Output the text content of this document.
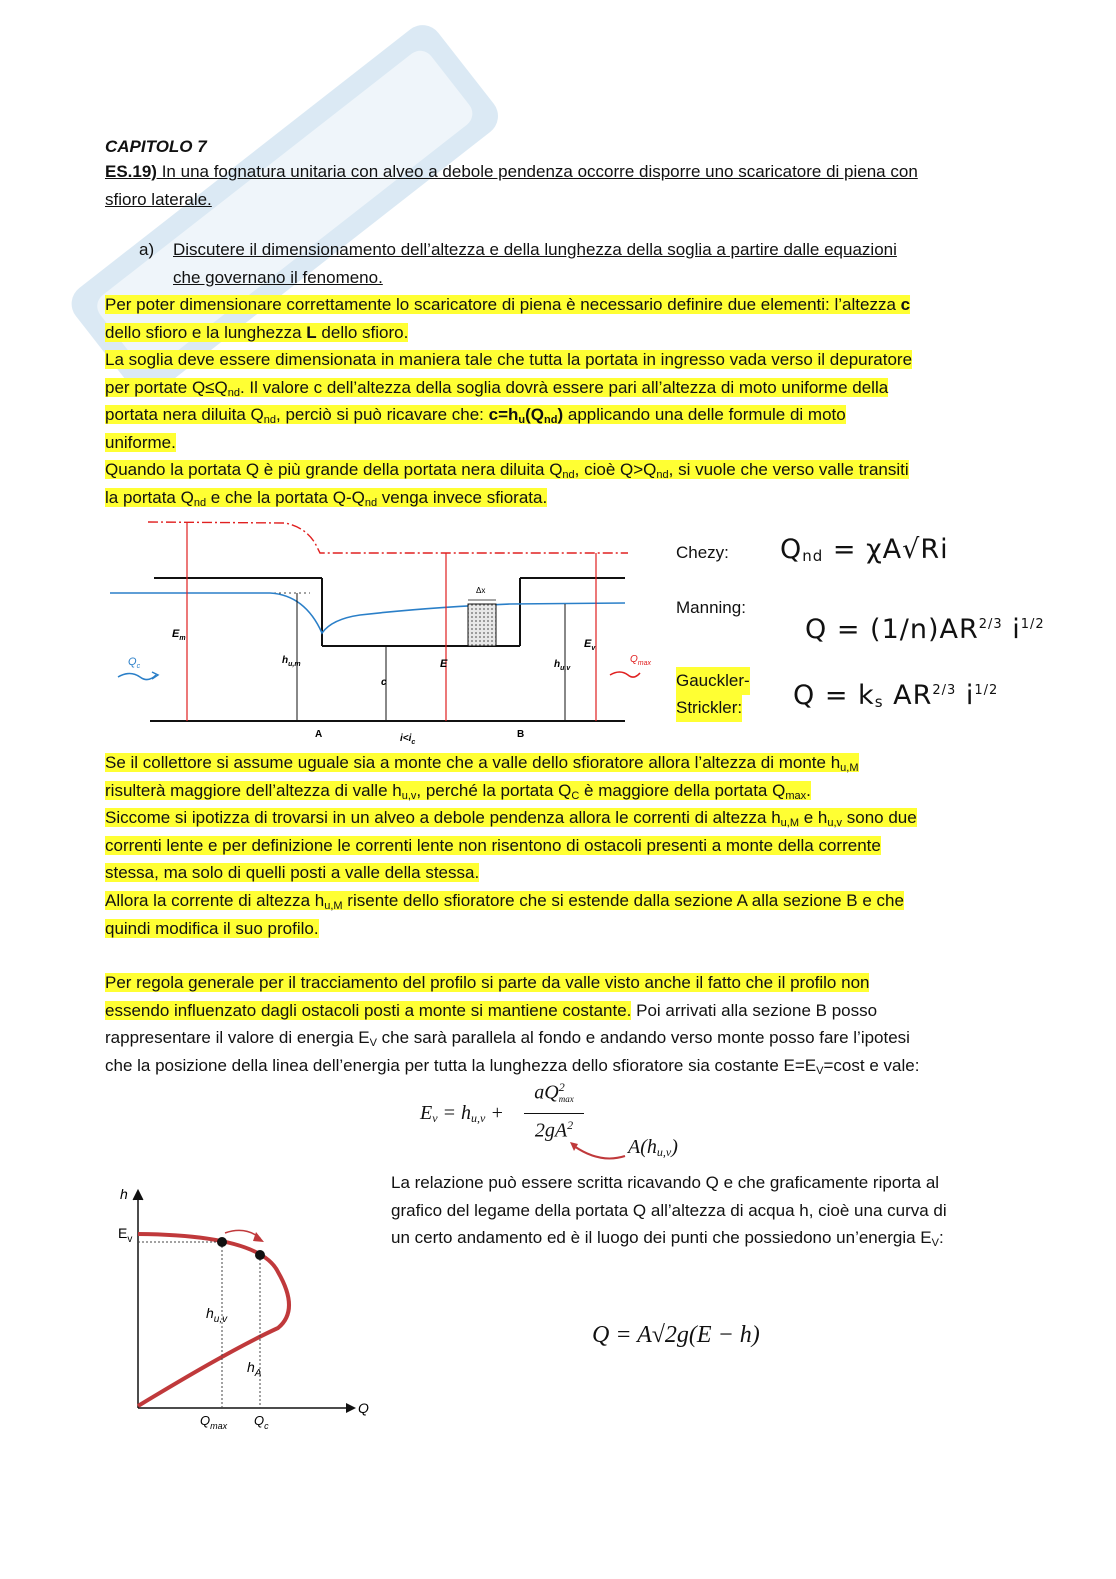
CAPITOLO 7
ES.19) In una fognatura unitaria con alveo a debole pendenza occorre disporre uno scaricatore di piena con
sfioro laterale.
a) Discutere il dimensionamento dell’altezza e della lunghezza della soglia a partire dalle equazioni
che governano il fenomeno.
Per poter dimensionare correttamente lo scaricatore di piena è necessario definire due elementi: l’altezza c
dello sfioro e la lunghezza L dello sfioro.
La soglia deve essere dimensionata in maniera tale che tutta la portata in ingresso vada verso il depuratore
per portate $Q\le Q_{nd}$. Il valore c dell’altezza della soglia dovrà essere pari all’altezza di moto uniforme della
portata nera diluita $Q_{nd}$, perciò si può ricavare che: $c=h_u(Q_{nd})$ applicando una delle formule di moto
uniforme.
Quando la portata Q è più grande della portata nera diluita $Q_{nd}$, cioè $Q>Q_{nd}$, si vuole che verso valle transiti
la portata $Q_{nd}$ e che la portata $Q-Q_{nd}$ venga invece sfiorata.
Δx
$E_m$
$h_{u,m}$
c
E	$h_{u,v}$
$E_v$
$Q_c$
$Q_{max}$
A	$i<i_c$
B
Chezy: $Q_{nd} = \chi A√Ri$
Manning:
$Q = (1/n)AR^{2/3}$ $i^{1/2}$
Gauckler-
Strickler: $Q = k_s$ $AR^{2/3}$ $i^{1/2}$
Se il collettore si assume uguale sia a monte che a valle dello sfioratore allora l’altezza di monte $h_{u,M}$
risulterà maggiore dell’altezza di valle $h_{u,v}$, perché la portata $Q_C$ è maggiore della portata $Q_{max}$.
Siccome si ipotizza di trovarsi in un alveo a debole pendenza allora le correnti di altezza $h_{u,M}$ e $h_{u,v}$ sono due
correnti lente e per definizione le correnti lente non risentono di ostacoli presenti a monte della corrente
stessa, ma solo di quelli posti a valle della stessa.
Allora la corrente di altezza $h_{u,M}$ risente dello sfioratore che si estende dalla sezione A alla sezione B e che
quindi modifica il suo profilo.
Per regola generale per il tracciamento del profilo si parte da valle visto anche il fatto che il profilo non
essendo influenzato dagli ostacoli posti a monte si mantiene costante. Poi arrivati alla sezione B posso
rappresentare il valore di energia $E_V$ che sarà parallela al fondo e andando verso monte posso fare l’ipotesi
che la posizione della linea dell’energia per tutta la lunghezza dello sfioratore sia costante $E=E_V=\cos t$ e vale:
$E_v = h_{u,v}$ +
$aQ^2_{max}$
$2gA^2$
$A(h_{u,v})$
La relazione può essere scritta ricavando Q e che graficamente riporta al
grafico del legame della portata Q all’altezza di acqua h, cioè una curva di
un certo andamento ed è il luogo dei punti che possiedono un’energia $E_V$:
Q = A√2g(E − h)
h
Q
$E_v$
$h_{u,v}$
$h_A$
$Q_{max}$ $Q_c$
